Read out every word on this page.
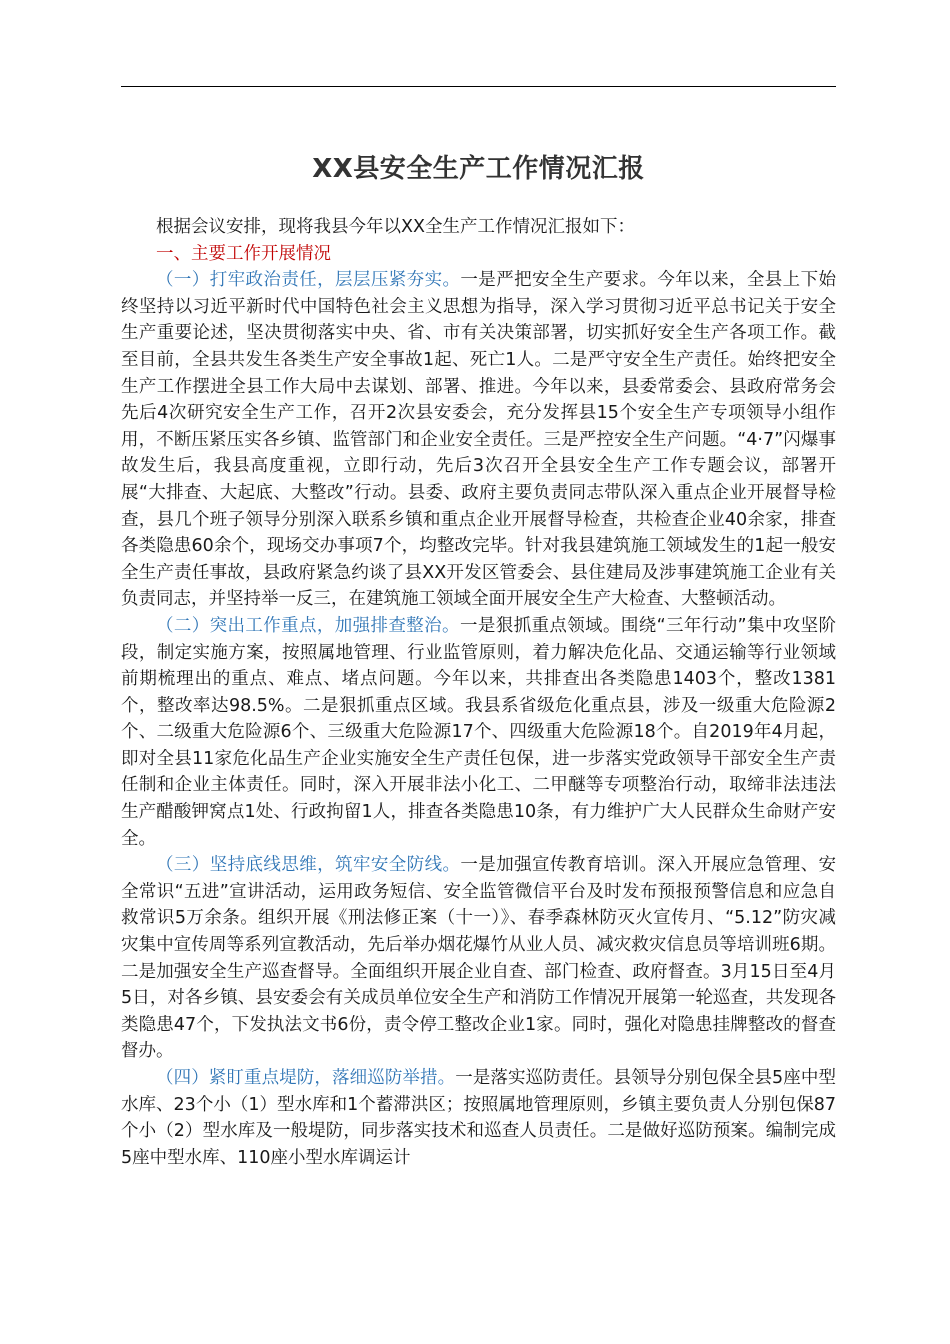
XX县安全生产工作情况汇报

根据会议安排，现将我县今年以XX全生产工作情况汇报如下：

一、主要工作开展情况

（一）打牢政治责任，层层压紧夯实。一是严把安全生产要求。今年以来，全县上下始终坚持以习近平新时代中国特色社会主义思想为指导，深入学习贯彻习近平总书记关于安全生产重要论述，坚决贯彻落实中央、省、市有关决策部署，切实抓好安全生产各项工作。截至目前，全县共发生各类生产安全事故1起、死亡1人。二是严守安全生产责任。始终把安全生产工作摆进全县工作大局中去谋划、部署、推进。今年以来，县委常委会、县政府常务会先后4次研究安全生产工作，召开2次县安委会，充分发挥县15个安全生产专项领导小组作用，不断压紧压实各乡镇、监管部门和企业安全责任。三是严控安全生产问题。“4·7”闪爆事故发生后，我县高度重视，立即行动，先后3次召开全县安全生产工作专题会议，部署开展“大排查、大起底、大整改”行动。县委、政府主要负责同志带队深入重点企业开展督导检查，县几个班子领导分别深入联系乡镇和重点企业开展督导检查，共检查企业40余家，排查各类隐患60余个，现场交办事项7个，均整改完毕。针对我县建筑施工领域发生的1起一般安全生产责任事故，县政府紧急约谈了县XX开发区管委会、县住建局及涉事建筑施工企业有关负责同志，并坚持举一反三，在建筑施工领域全面开展安全生产大检查、大整顿活动。

（二）突出工作重点，加强排查整治。一是狠抓重点领域。围绕“三年行动”集中攻坚阶段，制定实施方案，按照属地管理、行业监管原则，着力解决危化品、交通运输等行业领域前期梳理出的重点、难点、堵点问题。今年以来，共排查出各类隐患1403个，整改1381个，整改率达98.5%。二是狠抓重点区域。我县系省级危化重点县，涉及一级重大危险源2个、二级重大危险源6个、三级重大危险源17个、四级重大危险源18个。自2019年4月起，即对全县11家危化品生产企业实施安全生产责任包保，进一步落实党政领导干部安全生产责任制和企业主体责任。同时，深入开展非法小化工、二甲醚等专项整治行动，取缔非法违法生产醋酸钾窝点1处、行政拘留1人，排查各类隐患10条，有力维护广大人民群众生命财产安全。

（三）坚持底线思维，筑牢安全防线。一是加强宣传教育培训。深入开展应急管理、安全常识“五进”宣讲活动，运用政务短信、安全监管微信平台及时发布预报预警信息和应急自救常识5万余条。组织开展《刑法修正案（十一）》、春季森林防灭火宣传月、“5.12”防灾减灾集中宣传周等系列宣教活动，先后举办烟花爆竹从业人员、减灾救灾信息员等培训班6期。二是加强安全生产巡查督导。全面组织开展企业自查、部门检查、政府督查。3月15日至4月5日，对各乡镇、县安委会有关成员单位安全生产和消防工作情况开展第一轮巡查，共发现各类隐患47个，下发执法文书6份，责令停工整改企业1家。同时，强化对隐患挂牌整改的督查督办。

（四）紧盯重点堤防，落细巡防举措。一是落实巡防责任。县领导分别包保全县5座中型水库、23个小（1）型水库和1个蓄滞洪区；按照属地管理原则，乡镇主要负责人分别包保87个小（2）型水库及一般堤防，同步落实技术和巡查人员责任。二是做好巡防预案。编制完成5座中型水库、110座小型水库调运计
